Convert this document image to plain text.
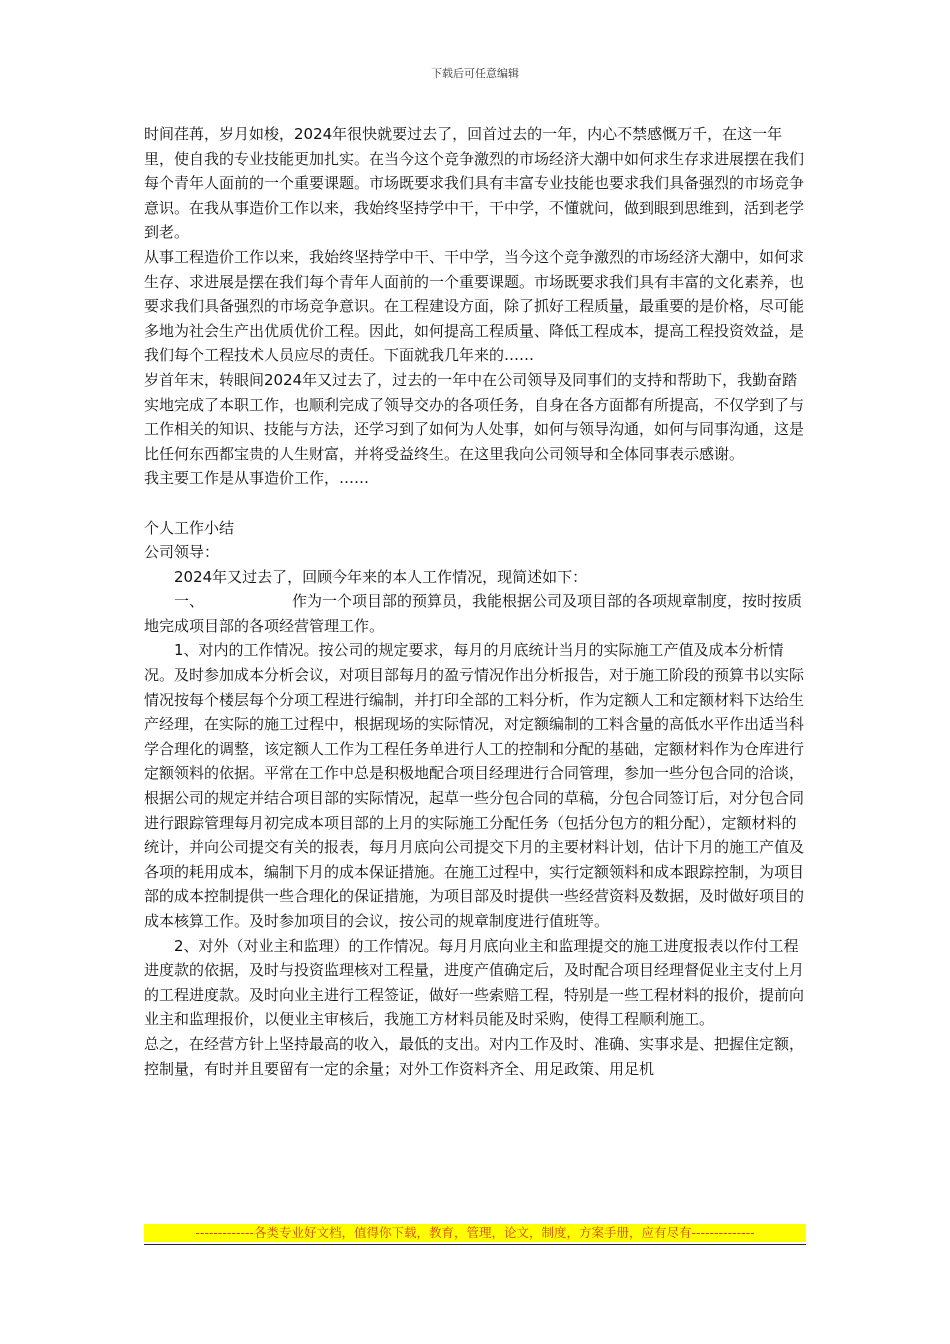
下载后可任意编辑

时间荏苒，岁月如梭，2024年很快就要过去了，回首过去的一年，内心不禁感慨万千，在这一年里，使自我的专业技能更加扎实。在当今这个竞争激烈的市场经济大潮中如何求生存求进展摆在我们每个青年人面前的一个重要课题。市场既要求我们具有丰富专业技能也要求我们具备强烈的市场竞争意识。在我从事造价工作以来，我始终坚持学中干，干中学，不懂就问，做到眼到思维到，活到老学到老。

从事工程造价工作以来，我始终坚持学中干、干中学，当今这个竞争激烈的市场经济大潮中，如何求生存、求进展是摆在我们每个青年人面前的一个重要课题。市场既要求我们具有丰富的文化素养，也要求我们具备强烈的市场竞争意识。在工程建设方面，除了抓好工程质量，最重要的是价格，尽可能多地为社会生产出优质优价工程。因此，如何提高工程质量、降低工程成本，提高工程投资效益，是我们每个工程技术人员应尽的责任。下面就我几年来的……

岁首年末，转眼间2024年又过去了，过去的一年中在公司领导及同事们的支持和帮助下，我勤奋踏实地完成了本职工作，也顺利完成了领导交办的各项任务，自身在各方面都有所提高，不仅学到了与工作相关的知识、技能与方法，还学习到了如何为人处事，如何与领导沟通，如何与同事沟通，这是比任何东西都宝贵的人生财富，并将受益终生。在这里我向公司领导和全体同事表示感谢。

我主要工作是从事造价工作，……

个人工作小结

公司领导：

2024年又过去了，回顾今年来的本人工作情况，现简述如下：

一、	作为一个项目部的预算员，我能根据公司及项目部的各项规章制度，按时按质地完成项目部的各项经营管理工作。

1、对内的工作情况。按公司的规定要求，每月的月底统计当月的实际施工产值及成本分析情况。及时参加成本分析会议，对项目部每月的盈亏情况作出分析报告，对于施工阶段的预算书以实际情况按每个楼层每个分项工程进行编制，并打印全部的工料分析，作为定额人工和定额材料下达给生产经理，在实际的施工过程中，根据现场的实际情况，对定额编制的工料含量的高低水平作出适当科学合理化的调整，该定额人工作为工程任务单进行人工的控制和分配的基础，定额材料作为仓库进行定额领料的依据。平常在工作中总是积极地配合项目经理进行合同管理，参加一些分包合同的洽谈，根据公司的规定并结合项目部的实际情况，起草一些分包合同的草稿，分包合同签订后，对分包合同进行跟踪管理每月初完成本项目部的上月的实际施工分配任务（包括分包方的粗分配），定额材料的统计，并向公司提交有关的报表，每月月底向公司提交下月的主要材料计划，估计下月的施工产值及各项的耗用成本，编制下月的成本保证措施。在施工过程中，实行定额领料和成本跟踪控制，为项目部的成本控制提供一些合理化的保证措施，为项目部及时提供一些经营资料及数据，及时做好项目的成本核算工作。及时参加项目的会议，按公司的规章制度进行值班等。

2、对外（对业主和监理）的工作情况。每月月底向业主和监理提交的施工进度报表以作付工程进度款的依据，及时与投资监理核对工程量，进度产值确定后，及时配合项目经理督促业主支付上月的工程进度款。及时向业主进行工程签证，做好一些索赔工程，特别是一些工程材料的报价，提前向业主和监理报价，以便业主审核后，我施工方材料员能及时采购，使得工程顺利施工。

总之，在经营方针上坚持最高的收入，最低的支出。对内工作及时、准确、实事求是、把握住定额，控制量，有时并且要留有一定的余量；对外工作资料齐全、用足政策、用足机

-------------各类专业好文档，值得你下载，教育，管理，论文，制度，方案手册，应有尽有--------------
